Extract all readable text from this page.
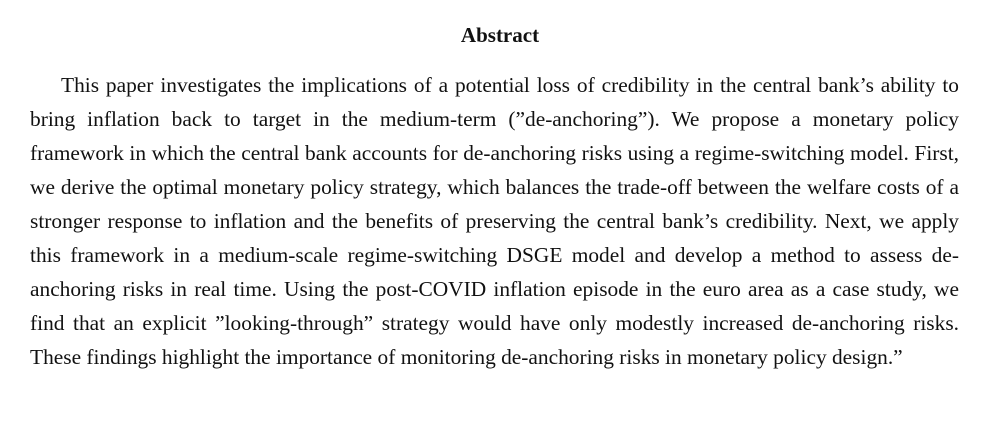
Abstract

This paper investigates the implications of a potential loss of credibility in the central bank’s ability to bring inflation back to target in the medium-term (”de-anchoring”). We propose a monetary policy framework in which the central bank accounts for de-anchoring risks using a regime-switching model. First, we derive the optimal monetary policy strategy, which balances the trade-off between the welfare costs of a stronger response to inflation and the benefits of preserving the central bank’s credibility. Next, we apply this framework in a medium-scale regime-switching DSGE model and develop a method to assess de-anchoring risks in real time. Using the post-COVID inflation episode in the euro area as a case study, we find that an explicit ”looking-through” strategy would have only modestly increased de-anchoring risks. These findings highlight the importance of monitoring de-anchoring risks in monetary policy design.”
